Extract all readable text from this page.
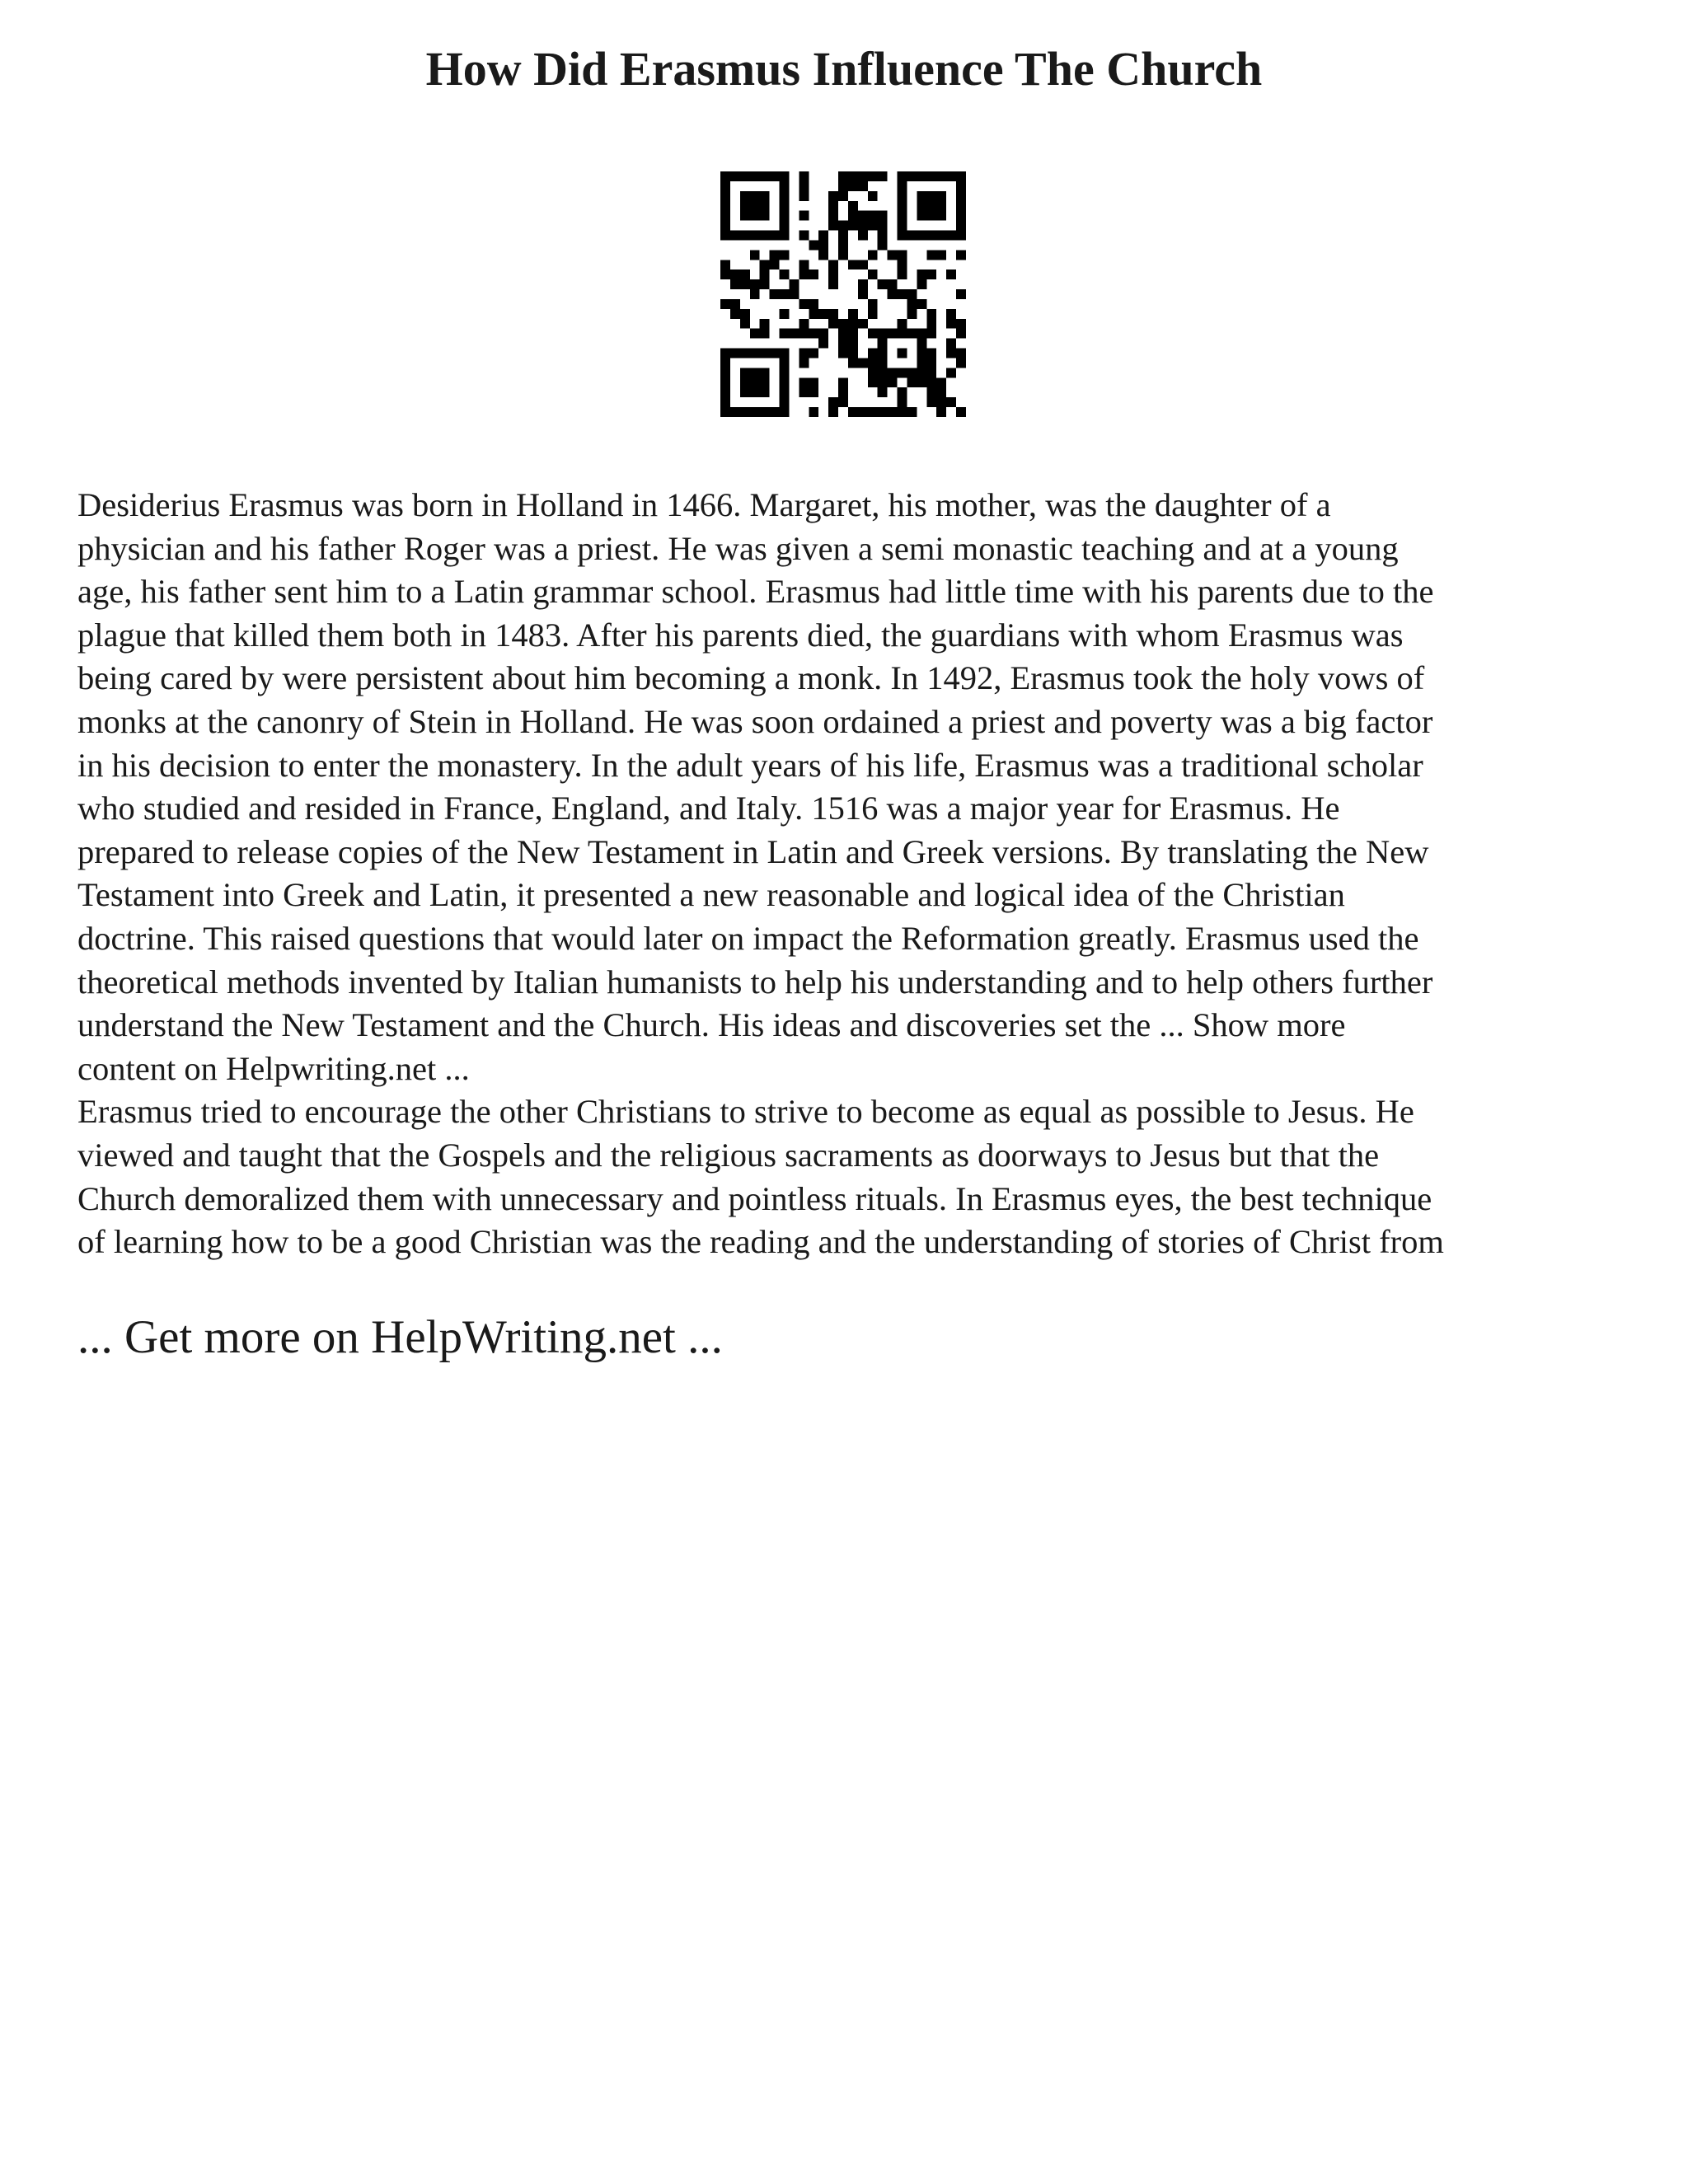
How Did Erasmus Influence The Church
Desiderius Erasmus was born in Holland in 1466. Margaret, his mother, was the daughter of a
physician and his father Roger was a priest. He was given a semi monastic teaching and at a young
age, his father sent him to a Latin grammar school. Erasmus had little time with his parents due to the
plague that killed them both in 1483. After his parents died, the guardians with whom Erasmus was
being cared by were persistent about him becoming a monk. In 1492, Erasmus took the holy vows of
monks at the canonry of Stein in Holland. He was soon ordained a priest and poverty was a big factor
in his decision to enter the monastery. In the adult years of his life, Erasmus was a traditional scholar
who studied and resided in France, England, and Italy. 1516 was a major year for Erasmus. He
prepared to release copies of the New Testament in Latin and Greek versions. By translating the New
Testament into Greek and Latin, it presented a new reasonable and logical idea of the Christian
doctrine. This raised questions that would later on impact the Reformation greatly. Erasmus used the
theoretical methods invented by Italian humanists to help his understanding and to help others further
understand the New Testament and the Church. His ideas and discoveries set the ... Show more
content on Helpwriting.net ...
Erasmus tried to encourage the other Christians to strive to become as equal as possible to Jesus. He
viewed and taught that the Gospels and the religious sacraments as doorways to Jesus but that the
Church demoralized them with unnecessary and pointless rituals. In Erasmus eyes, the best technique
of learning how to be a good Christian was the reading and the understanding of stories of Christ from

... Get more on HelpWriting.net ...
